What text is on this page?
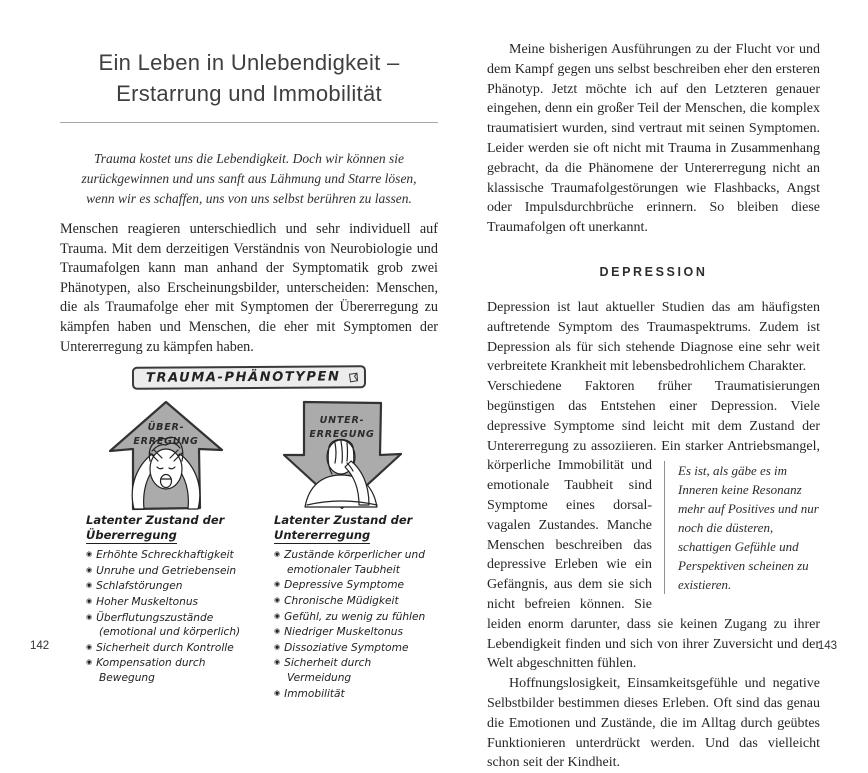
Ein Leben in Unlebendigkeit –
Erstarrung und Immobilität
Trauma kostet uns die Lebendigkeit. Doch wir können sie zurückgewinnen und uns sanft aus Lähmung und Starre lösen, wenn wir es schaffen, uns von uns selbst berühren zu lassen.

Menschen reagieren unterschiedlich und sehr individuell auf Trauma. Mit dem derzeitigen Verständnis von Neurobiologie und Traumafolgen kann man anhand der Symptomatik grob zwei Phänotypen, also Erscheinungsbilder, unterscheiden: Menschen, die als Traumafolge eher mit Symptomen der Übererregung zu kämpfen haben und Menschen, die eher mit Symptomen der Untererregung zu kämpfen haben.

TRAUMA-PHÄNOTYPEN
ÜBER-
ERREGUNG
UNTER-
ERREGUNG
Latenter Zustand der
Übererregung
◉ Erhöhte Schreckhaftigkeit
◉ Unruhe und Getriebensein
◉ Schlafstörungen
◉ Hoher Muskeltonus
◉ Überflutungszustände (emotional und körperlich)
◉ Sicherheit durch Kontrolle
◉ Kompensation durch Bewegung
Latenter Zustand der
Untererregung
◉ Zustände körperlicher und emotionaler Taubheit
◉ Depressive Symptome
◉ Chronische Müdigkeit
◉ Gefühl, zu wenig zu fühlen
◉ Niedriger Muskeltonus
◉ Dissoziative Symptome
◉ Sicherheit durch Vermeidung
◉ Immobilität

Meine bisherigen Ausführungen zu der Flucht vor und dem Kampf gegen uns selbst beschreiben eher den ersteren Phänotyp. Jetzt möchte ich auf den Letzteren genauer eingehen, denn ein großer Teil der Menschen, die komplex traumatisiert wurden, sind vertraut mit seinen Symptomen. Leider werden sie oft nicht mit Trauma in Zusammenhang gebracht, da die Phänomene der Untererregung nicht an klassische Traumafolgestörungen wie Flashbacks, Angst oder Impulsdurchbrüche erinnern. So bleiben diese Traumafolgen oft unerkannt.

DEPRESSION

Depression ist laut aktueller Studien das am häufigsten auftretende Symptom des Traumaspektrums. Zudem ist Depression als für sich stehende Diagnose eine sehr weit verbreitete Krankheit mit lebensbedrohlichem Charakter.

Verschiedene Faktoren früher Traumatisierungen begünstigen das Entstehen einer Depression. Viele depressive Symptome sind leicht mit dem Zustand der Untererregung zu assoziieren. Ein
Es ist, als gäbe es im Inneren keine Resonanz mehr auf Positives und nur noch die düsteren, schattigen Gefühle und Perspektiven scheinen zu existieren.
starker Antriebsmangel, körperliche Immobilität und emotionale Taubheit sind Symptome eines dorsal-vagalen Zustandes. Manche Menschen beschreiben das depressive Erleben wie ein Gefängnis, aus dem sie sich nicht befreien können. Sie leiden enorm darunter, dass sie keinen Zugang zu ihrer Lebendigkeit finden und sich von ihrer Zuversicht und der Welt abgeschnitten fühlen.

Hoffnungslosigkeit, Einsamkeitsgefühle und negative Selbstbilder bestimmen dieses Erleben. Oft sind das genau die Emotionen und Zustände, die im Alltag durch geübtes Funktionieren unterdrückt werden. Und das vielleicht schon seit der Kindheit.

142	143
